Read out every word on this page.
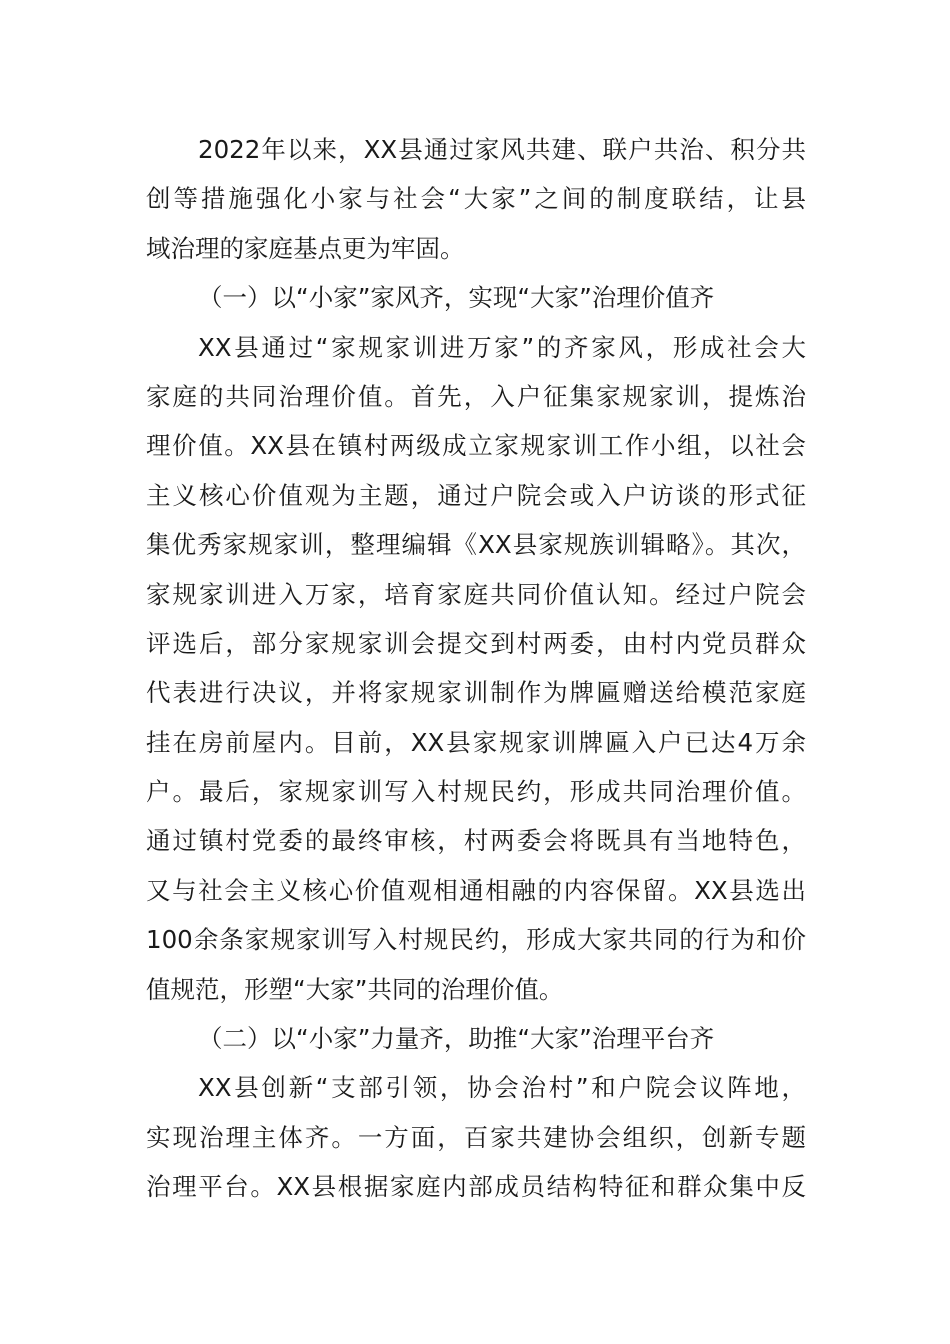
2022年以来，XX县通过家风共建、联户共治、积分共
创等措施强化小家与社会“大家”之间的制度联结，让县
域治理的家庭基点更为牢固。
（一）以“小家”家风齐，实现“大家”治理价值齐
XX县通过“家规家训进万家”的齐家风，形成社会大
家庭的共同治理价值。首先，入户征集家规家训，提炼治
理价值。XX县在镇村两级成立家规家训工作小组，以社会
主义核心价值观为主题，通过户院会或入户访谈的形式征
集优秀家规家训，整理编辑《XX县家规族训辑略》。其次，
家规家训进入万家，培育家庭共同价值认知。经过户院会
评选后，部分家规家训会提交到村两委，由村内党员群众
代表进行决议，并将家规家训制作为牌匾赠送给模范家庭
挂在房前屋内。目前，XX县家规家训牌匾入户已达4万余
户。最后，家规家训写入村规民约，形成共同治理价值。
通过镇村党委的最终审核，村两委会将既具有当地特色，
又与社会主义核心价值观相通相融的内容保留。XX县选出
100余条家规家训写入村规民约，形成大家共同的行为和价
值规范，形塑“大家”共同的治理价值。
（二）以“小家”力量齐，助推“大家”治理平台齐
XX县创新“支部引领，协会治村”和户院会议阵地，
实现治理主体齐。一方面，百家共建协会组织，创新专题
治理平台。XX县根据家庭内部成员结构特征和群众集中反
